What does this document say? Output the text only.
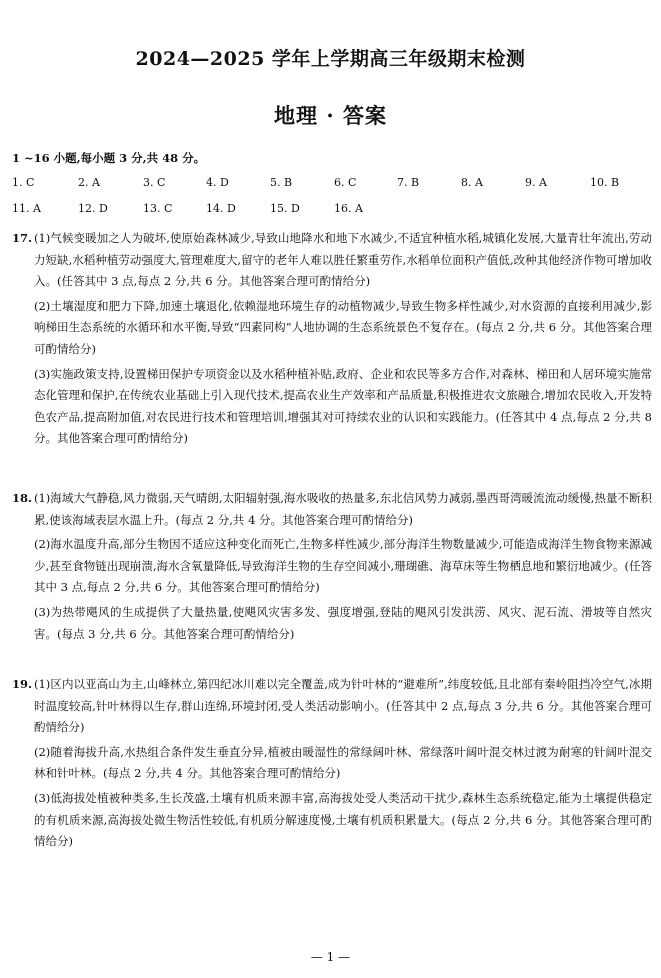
2024—2025 学年上学期高三年级期末检测
地理 · 答案
1 ~16 小题,每小题 3 分,共 48 分。
1. C	2. A	3. C	4. D	5. B	6. C	7. B	8. A	9. A	10. B
11. A	12. D	13. C	14. D	15. D	16. A
17. (1)气候变暖加之人为破坏,使原始森林减少,导致山地降水和地下水减少,不适宜种植水稻,城镇化发展,大量青壮年流出,劳动力短缺,水稻种植劳动强度大,管理难度大,留守的老年人难以胜任繁重劳作,水稻单位面积产值低,改种其他经济作物可增加收入。(任答其中 3 点,每点 2 分,共 6 分。其他答案合理可酌情给分)

(2)土壤湿度和肥力下降,加速土壤退化,依赖湿地环境生存的动植物减少,导致生物多样性减少,对水资源的直接利用减少,影响梯田生态系统的水循环和水平衡,导致“四素同构”人地协调的生态系统景色不复存在。(每点 2 分,共 6 分。其他答案合理可酌情给分)

(3)实施政策支持,设置梯田保护专项资金以及水稻种植补贴,政府、企业和农民等多方合作,对森林、梯田和人居环境实施常态化管理和保护,在传统农业基础上引入现代技术,提高农业生产效率和产品质量,积极推进农文旅融合,增加农民收入,开发特色农产品,提高附加值,对农民进行技术和管理培训,增强其对可持续农业的认识和实践能力。(任答其中 4 点,每点 2 分,共 8 分。其他答案合理可酌情给分)

18. (1)海域大气静稳,风力微弱,天气晴朗,太阳辐射强,海水吸收的热量多,东北信风势力减弱,墨西哥湾暖流流动缓慢,热量不断积累,使该海域表层水温上升。(每点 2 分,共 4 分。其他答案合理可酌情给分)

(2)海水温度升高,部分生物因不适应这种变化而死亡,生物多样性减少,部分海洋生物数量减少,可能造成海洋生物食物来源减少,甚至食物链出现崩溃,海水含氧量降低,导致海洋生物的生存空间减小,珊瑚礁、海草床等生物栖息地和繁衍地减少。(任答其中 3 点,每点 2 分,共 6 分。其他答案合理可酌情给分)

(3)为热带飓风的生成提供了大量热量,使飓风灾害多发、强度增强,登陆的飓风引发洪涝、风灾、泥石流、滑坡等自然灾害。(每点 3 分,共 6 分。其他答案合理可酌情给分)

19. (1)区内以亚高山为主,山峰林立,第四纪冰川难以完全覆盖,成为针叶林的“避难所”,纬度较低,且北部有秦岭阻挡冷空气,冰期时温度较高,针叶林得以生存,群山连绵,环境封闭,受人类活动影响小。(任答其中 2 点,每点 3 分,共 6 分。其他答案合理可酌情给分)

(2)随着海拔升高,水热组合条件发生垂直分异,植被由暖湿性的常绿阔叶林、常绿落叶阔叶混交林过渡为耐寒的针阔叶混交林和针叶林。(每点 2 分,共 4 分。其他答案合理可酌情给分)

(3)低海拔处植被种类多,生长茂盛,土壤有机质来源丰富,高海拔处受人类活动干扰少,森林生态系统稳定,能为土壤提供稳定的有机质来源,高海拔处微生物活性较低,有机质分解速度慢,土壤有机质积累量大。(每点 2 分,共 6 分。其他答案合理可酌情给分)

— 1 —
